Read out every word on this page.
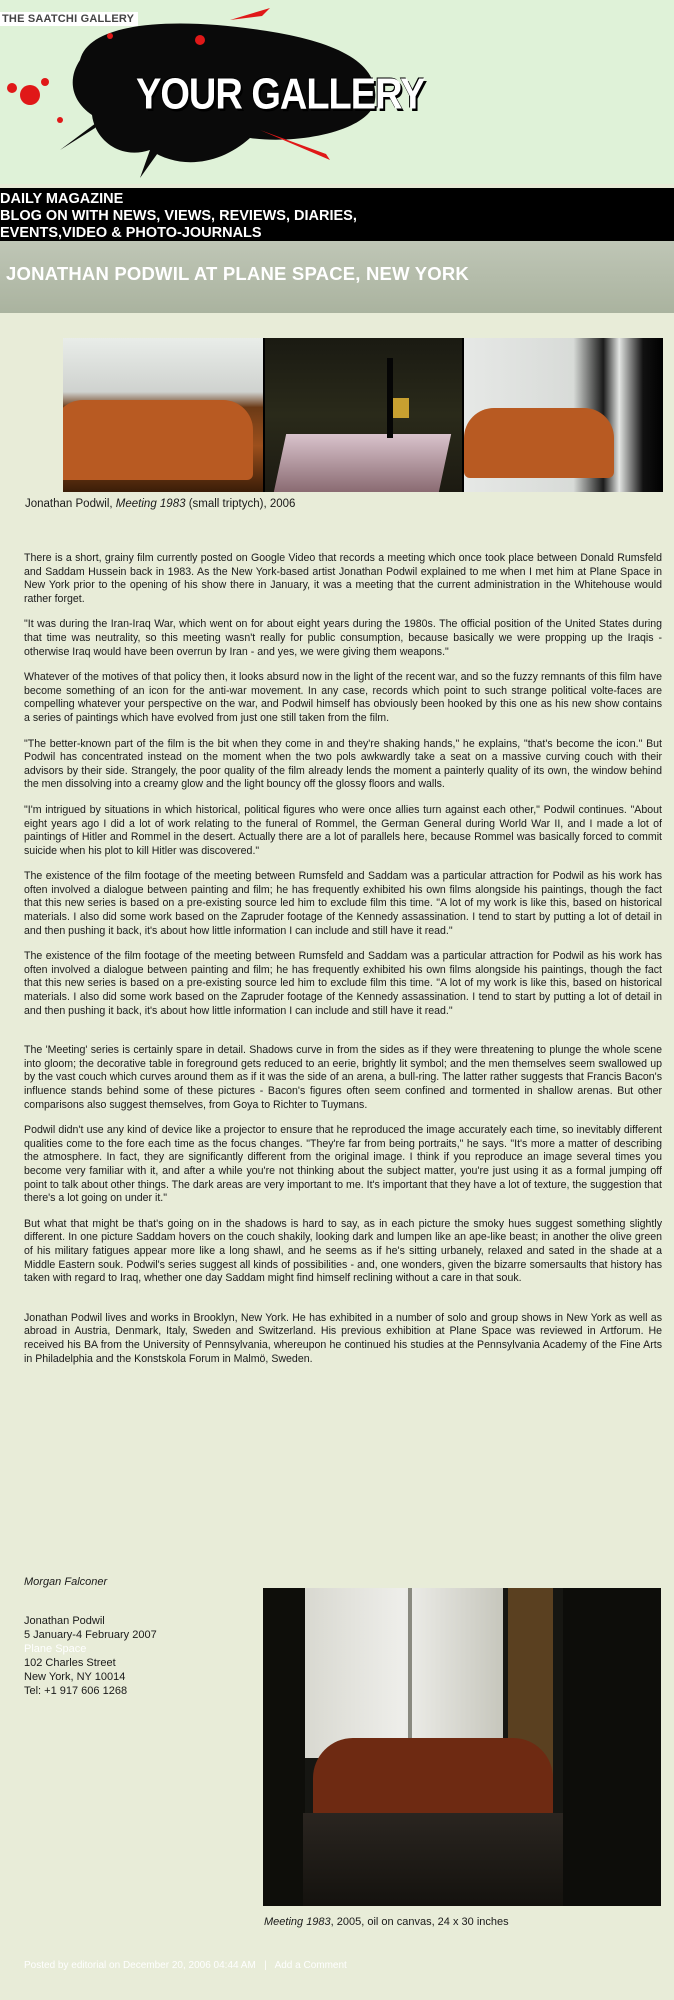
THE SAATCHI GALLERY
YOUR GALLERY
DAILY MAGAZINE
BLOG ON WITH NEWS, VIEWS, REVIEWS, DIARIES,
EVENTS,VIDEO & PHOTO-JOURNALS
JONATHAN PODWIL AT PLANE SPACE, NEW YORK
Jonathan Podwil, Meeting 1983 (small triptych), 2006

There is a short, grainy film currently posted on Google Video that records a meeting which once took place between Donald Rumsfeld and Saddam Hussein back in 1983. As the New York-based artist Jonathan Podwil explained to me when I met him at Plane Space in New York prior to the opening of his show there in January, it was a meeting that the current administration in the Whitehouse would rather forget.

"It was during the Iran-Iraq War, which went on for about eight years during the 1980s. The official position of the United States during that time was neutrality, so this meeting wasn't really for public consumption, because basically we were propping up the Iraqis - otherwise Iraq would have been overrun by Iran - and yes, we were giving them weapons."

Whatever of the motives of that policy then, it looks absurd now in the light of the recent war, and so the fuzzy remnants of this film have become something of an icon for the anti-war movement. In any case, records which point to such strange political volte-faces are compelling whatever your perspective on the war, and Podwil himself has obviously been hooked by this one as his new show contains a series of paintings which have evolved from just one still taken from the film.

"The better-known part of the film is the bit when they come in and they're shaking hands," he explains, "that's become the icon." But Podwil has concentrated instead on the moment when the two pols awkwardly take a seat on a massive curving couch with their advisors by their side. Strangely, the poor quality of the film already lends the moment a painterly quality of its own, the window behind the men dissolving into a creamy glow and the light bouncy off the glossy floors and walls.

"I'm intrigued by situations in which historical, political figures who were once allies turn against each other," Podwil continues. "About eight years ago I did a lot of work relating to the funeral of Rommel, the German General during World War II, and I made a lot of paintings of Hitler and Rommel in the desert. Actually there are a lot of parallels here, because Rommel was basically forced to commit suicide when his plot to kill Hitler was discovered."

The existence of the film footage of the meeting between Rumsfeld and Saddam was a particular attraction for Podwil as his work has often involved a dialogue between painting and film; he has frequently exhibited his own films alongside his paintings, though the fact that this new series is based on a pre-existing source led him to exclude film this time. "A lot of my work is like this, based on historical materials. I also did some work based on the Zapruder footage of the Kennedy assassination. I tend to start by putting a lot of detail in and then pushing it back, it's about how little information I can include and still have it read."

The existence of the film footage of the meeting between Rumsfeld and Saddam was a particular attraction for Podwil as his work has often involved a dialogue between painting and film; he has frequently exhibited his own films alongside his paintings, though the fact that this new series is based on a pre-existing source led him to exclude film this time. "A lot of my work is like this, based on historical materials. I also did some work based on the Zapruder footage of the Kennedy assassination. I tend to start by putting a lot of detail in and then pushing it back, it's about how little information I can include and still have it read."

The 'Meeting' series is certainly spare in detail. Shadows curve in from the sides as if they were threatening to plunge the whole scene into gloom; the decorative table in foreground gets reduced to an eerie, brightly lit symbol; and the men themselves seem swallowed up by the vast couch which curves around them as if it was the side of an arena, a bull-ring. The latter rather suggests that Francis Bacon's influence stands behind some of these pictures - Bacon's figures often seem confined and tormented in shallow arenas. But other comparisons also suggest themselves, from Goya to Richter to Tuymans.

Podwil didn't use any kind of device like a projector to ensure that he reproduced the image accurately each time, so inevitably different qualities come to the fore each time as the focus changes. "They're far from being portraits," he says. "It's more a matter of describing the atmosphere. In fact, they are significantly different from the original image. I think if you reproduce an image several times you become very familiar with it, and after a while you're not thinking about the subject matter, you're just using it as a formal jumping off point to talk about other things. The dark areas are very important to me. It's important that they have a lot of texture, the suggestion that there's a lot going on under it."

But what that might be that's going on in the shadows is hard to say, as in each picture the smoky hues suggest something slightly different. In one picture Saddam hovers on the couch shakily, looking dark and lumpen like an ape-like beast; in another the olive green of his military fatigues appear more like a long shawl, and he seems as if he's sitting urbanely, relaxed and sated in the shade at a Middle Eastern souk. Podwil's series suggest all kinds of possibilities - and, one wonders, given the bizarre somersaults that history has taken with regard to Iraq, whether one day Saddam might find himself reclining without a care in that souk.

Jonathan Podwil lives and works in Brooklyn, New York. He has exhibited in a number of solo and group shows in New York as well as abroad in Austria, Denmark, Italy, Sweden and Switzerland. His previous exhibition at Plane Space was reviewed in Artforum. He received his BA from the University of Pennsylvania, whereupon he continued his studies at the Pennsylvania Academy of the Fine Arts in Philadelphia and the Konstskola Forum in Malmö, Sweden.

Morgan Falconer
Jonathan Podwil
5 January-4 February 2007
Plane Space
102 Charles Street
New York, NY 10014
Tel: +1 917 606 1268
Meeting 1983, 2005, oil on canvas, 24 x 30 inches
Posted by editorial on December 20, 2006 04:44 AM | Add a Comment
